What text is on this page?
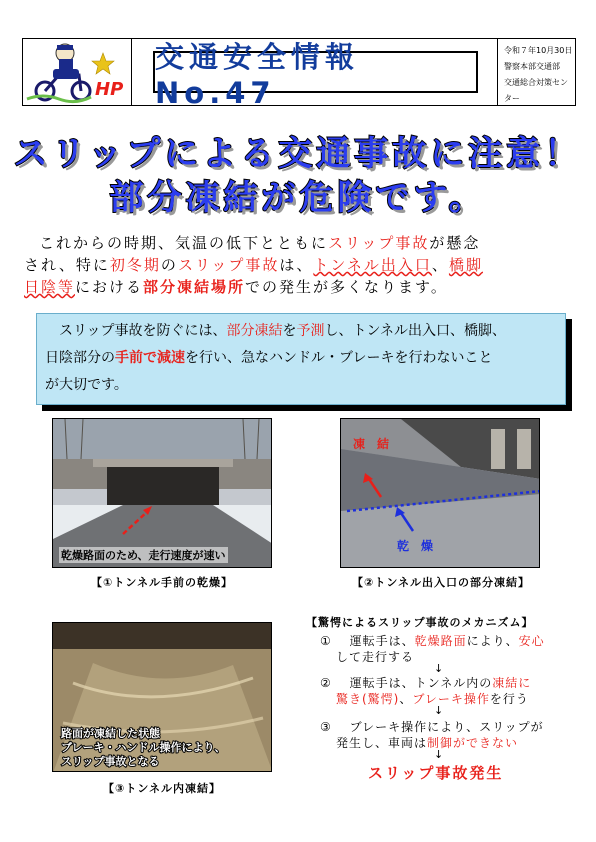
HP
交通安全情報 No.47
令和７年10月30日
警察本部交通部
交通総合対策センター
スリップによる交通事故に注意！
部分凍結が危険です。
これからの時期、気温の低下とともにスリップ事故が懸念
され、特に初冬期のスリップ事故は、トンネル出入口、橋脚
日陰等における部分凍結場所での発生が多くなります。
スリップ事故を防ぐには、部分凍結を予測し、トンネル出入口、橋脚、
日陰部分の手前で減速を行い、急なハンドル・ブレーキを行わないこと
が大切です。
乾燥路面のため、走行速度が速い
【①トンネル手前の乾燥】
凍　結
乾　燥
【②トンネル出入口の部分凍結】
路面が凍結した状態
ブレーキ・ハンドル操作により、
スリップ事故となる
【③トンネル内凍結】
【驚愕によるスリップ事故のメカニズム】
①　 運転手は、乾燥路面により、安心
して走行する
↓
②　 運転手は、トンネル内の凍結に
驚き(驚愕)、ブレーキ操作を行う
↓
③　 ブレーキ操作により、スリップが
発生し、車両は制御ができない
↓
スリップ事故発生
